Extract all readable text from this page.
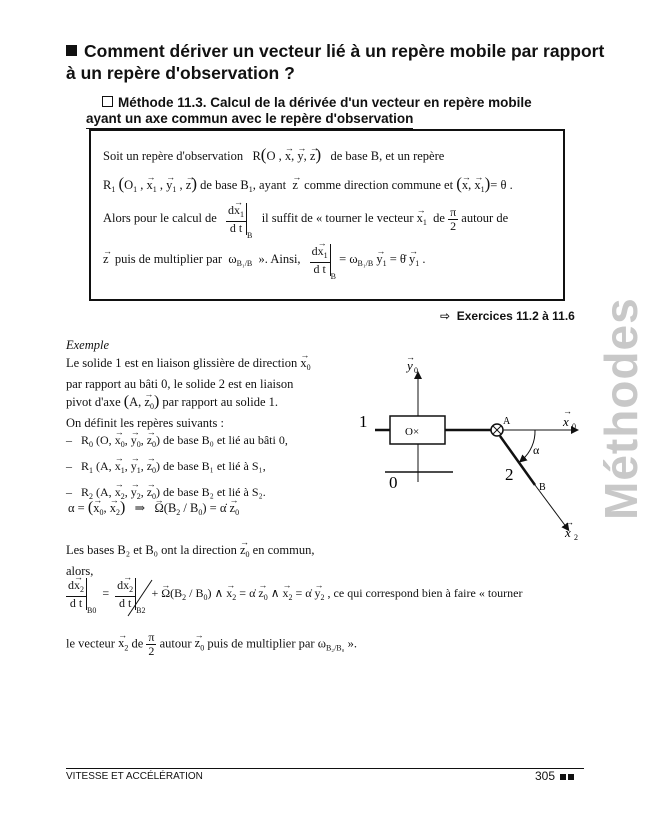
Comment dériver un vecteur lié à un repère mobile par rapport à un repère d'observation ?
Méthode 11.3. Calcul de la dérivée d'un vecteur en repère mobile
ayant un axe commun avec le repère d'observation
Soit un repère d'observation   R(O , → x, → y, → z) de base B, et un repère
$R_1$ ($O_1$ , → $x_1$ , → $y_1$ , → z) de base $B_1$, ayant → z comme direction commune et (→ x, → $x_1)= \theta$ .
Alors pour le calcul de $\frac{d\to x_1}{\text{d t}}$
$_B$   il suffit de « tourner le vecteur → $x_1$ de $\frac{\pi}{2}$ autour de
→ z puis de multiplier par  $\omega_{B_1/B}$ ». Ainsi, $\frac{d\to x_1}{\text{d t}}$
$_B = \omega_{B_1/B} \to y_1$ = θ̇ → $y_1$ .
⇨ Exercices 11.2 à 11.6 Méthodes
Exemple
Le solide 1 est en liaison glissière de direction → $x_0$
par rapport au bâti 0, le solide 2 est en liaison
pivot d'axe (A, → $z_0$) par rapport au solide 1.
On définit les repères suivants :
–   $R_0$ (O, → $x_0$, → $y_0$, → $z_0$) de base B₀ et lié au bâti 0,
–   $R_1$ (A, → $x_1$, → $y_1$, → $z_0$) de base B₁ et lié à S₁,
–   $R_2$ (A, → $x_2$, → $y_2$, → $z_0$) de base B₂ et lié à S₂.
α = (→ $x_0$, → $x_2$)   ⇒   → $\Omega(B_2 / B_0)$ = α̇ → $z_0$
Les bases B₂ et B₀ ont la direction → $z_0$ en commun,
alors,
$\frac{d\to x_2}{\text{d t}}$
$_{B0} = \frac{d\to x_2}{\text{d t}}$
$_{B2}$  + → $\Omega(B_2 / B_0)$ ∧ → $x_2$ = α̇ → $z_0$ ∧ → $x_2$ = α̇ → $y_2$ , ce qui correspond bien à faire « tourner
le vecteur → $x_2$ de $\frac{\pi}{2}$ autour → $z_0$ puis de multiplier par $\omega_{B_2/B_0}$ ».
y 0
→
1
O×
0
A	x 0
→
α
2
B
x 2
→
VITESSE ET ACCÉLÉRATION	305
